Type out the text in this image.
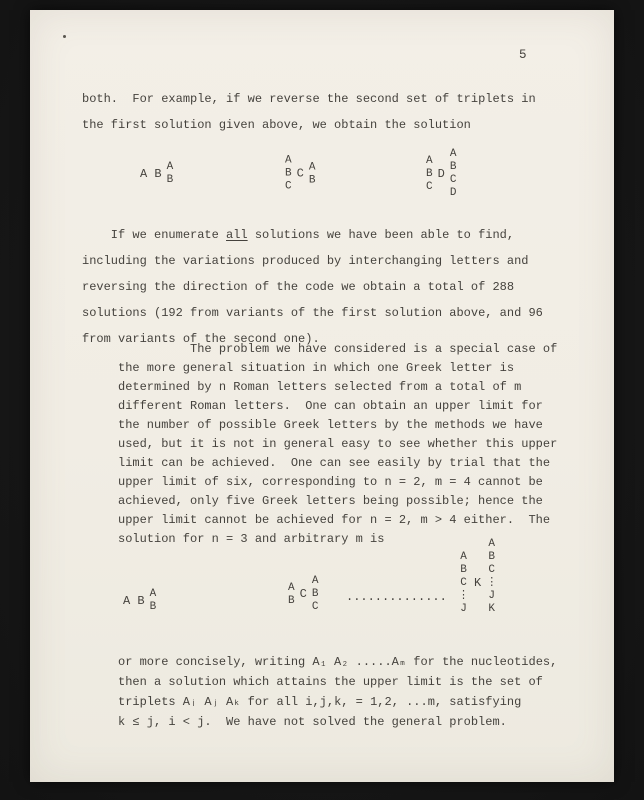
5
both.  For example, if we reverse the second set of triplets in
the first solution given above, we obtain the solution
A B A
B
A
B
C
C A
B
A
B
C
D
A
B
C
D
If we enumerate all solutions we have been able to find,
including the variations produced by interchanging letters and
reversing the direction of the code we obtain a total of 288
solutions (192 from variants of the first solution above, and 96
from variants of the second one).
The problem we have considered is a special case of
the more general situation in which one Greek letter is
determined by n Roman letters selected from a total of m
different Roman letters.  One can obtain an upper limit for
the number of possible Greek letters by the methods we have
used, but it is not in general easy to see whether this upper
limit can be achieved.  One can see easily by trial that the
upper limit of six, corresponding to n = 2, m = 4 cannot be
achieved, only five Greek letters being possible; hence the
upper limit cannot be achieved for n = 2, m > 4 either.  The
solution for n = 3 and arbitrary m is
A B A
B
A
B C
A
B
C
..............
A
B
C
⋮
J
K
A
B
C
⋮
J
K
or more concisely, writing A₁ A₂ .....Aₘ for the nucleotides,
then a solution which attains the upper limit is the set of
triplets Aᵢ Aⱼ Aₖ for all i,j,k, = 1,2, ...m, satisfying
k ≤ j, i < j.  We have not solved the general problem.
